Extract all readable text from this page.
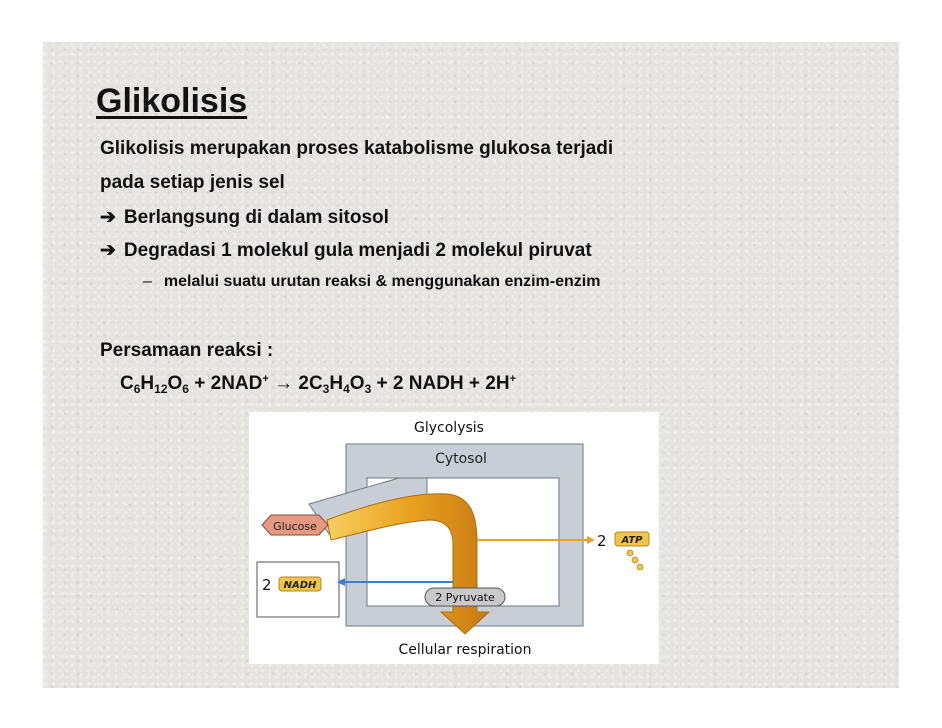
Glikolisis
Glikolisis merupakan proses katabolisme glukosa terjadi
pada setiap jenis sel
➔ Berlangsung di dalam sitosol
➔ Degradasi 1 molekul gula menjadi 2 molekul piruvat
– melalui suatu urutan reaksi & menggunakan enzim-enzim
Persamaan reaksi :
$C_6H_{12}O_6 + 2NAD^+ \to 2C_3H_4O_3 + 2$ NADH + 2H+
Glycolysis
Cytosol
2 ATP
Glucose
2 NADH
2 Pyruvate
Cellular respiration
